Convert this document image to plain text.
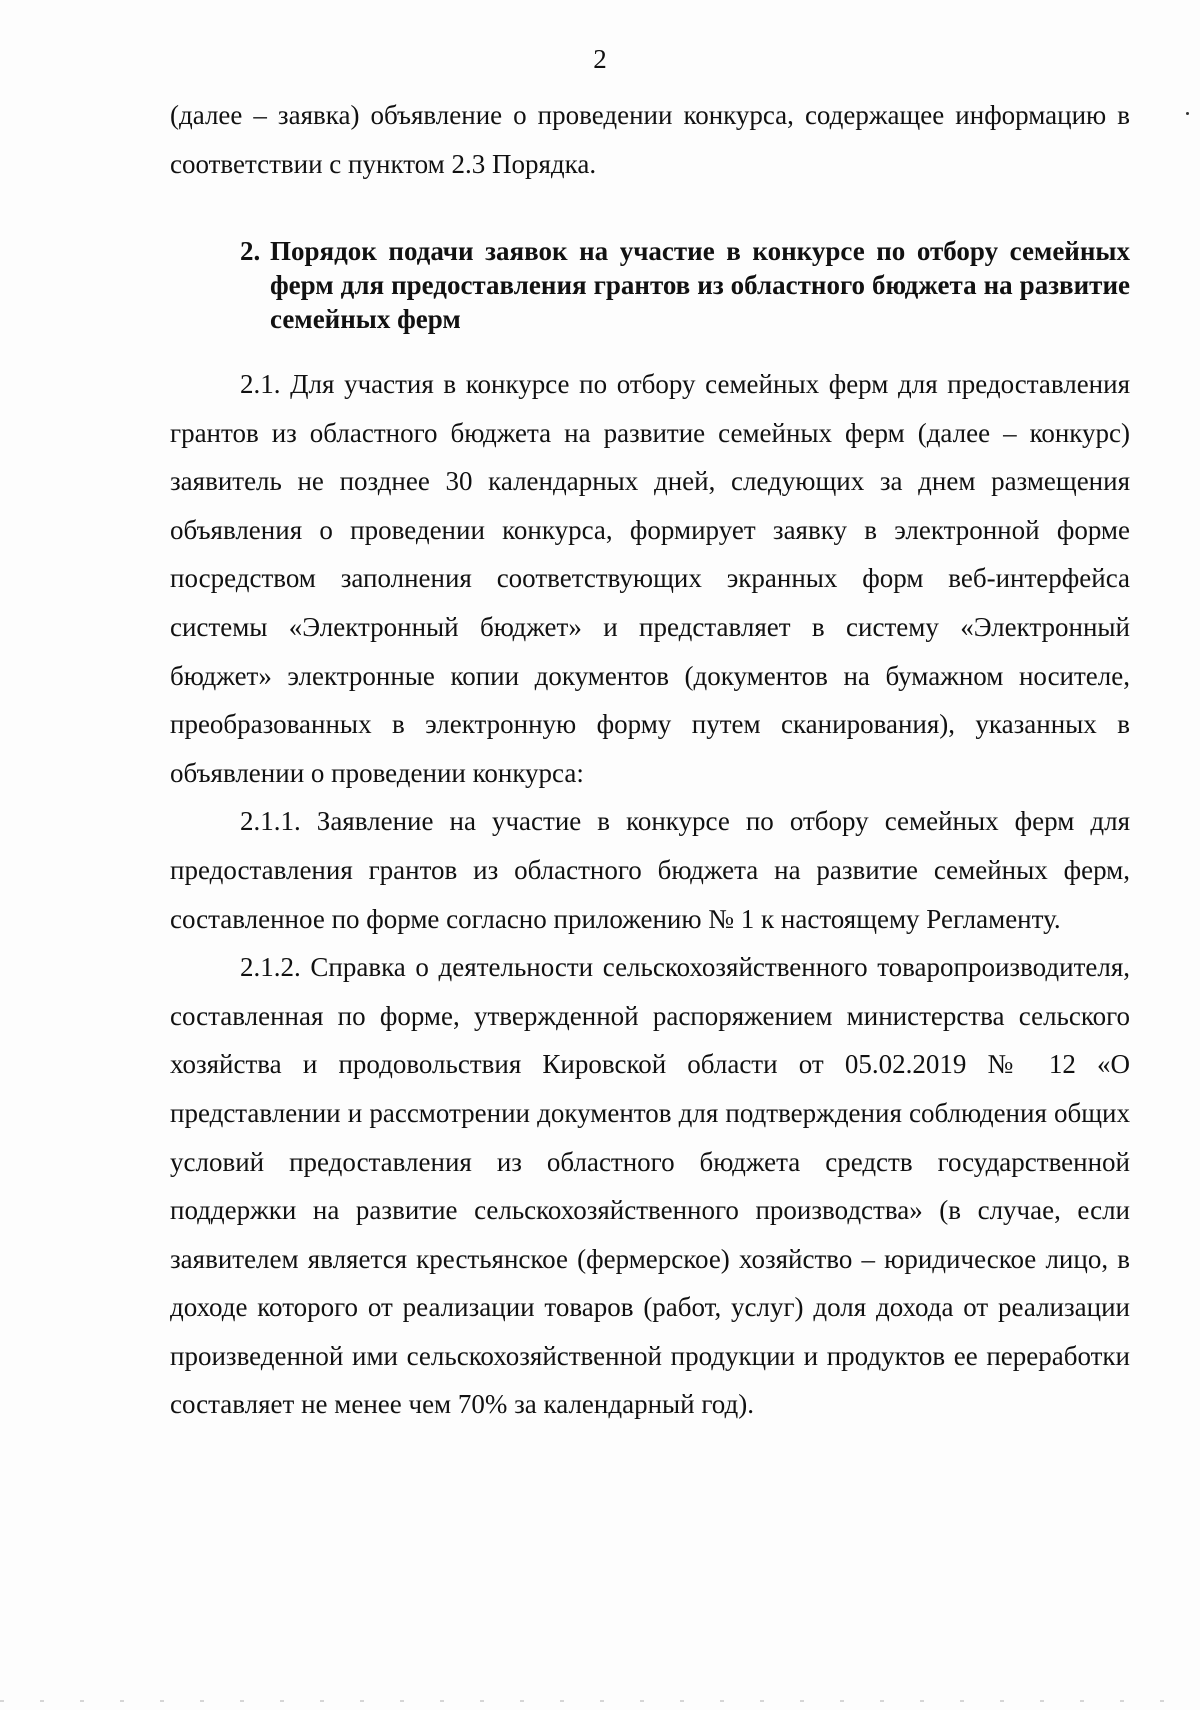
2

(далее – заявка) объявление о проведении конкурса, содержащее информацию в соответствии с пунктом 2.3 Порядка.

2. Порядок подачи заявок на участие в конкурсе по отбору семейных ферм для предоставления грантов из областного бюджета на развитие семейных ферм

2.1. Для участия в конкурсе по отбору семейных ферм для предоставления грантов из областного бюджета на развитие семейных ферм (далее – конкурс) заявитель не позднее 30 календарных дней, следующих за днем размещения объявления о проведении конкурса, формирует заявку в электронной форме посредством заполнения соответствующих экранных форм веб-интерфейса системы «Электронный бюджет» и представляет в систему «Электронный бюджет» электронные копии документов (документов на бумажном носителе, преобразованных в электронную форму путем сканирования), указанных в объявлении о проведении конкурса:

2.1.1. Заявление на участие в конкурсе по отбору семейных ферм для предоставления грантов из областного бюджета на развитие семейных ферм, составленное по форме согласно приложению № 1 к настоящему Регламенту.

2.1.2. Справка о деятельности сельскохозяйственного товаропроизводителя, составленная по форме, утвержденной распоряжением министерства сельского хозяйства и продовольствия Кировской области от 05.02.2019 № 12 «О представлении и рассмотрении документов для подтверждения соблюдения общих условий предоставления из областного бюджета средств государственной поддержки на развитие сельскохозяйственного производства» (в случае, если заявителем является крестьянское (фермерское) хозяйство – юридическое лицо, в доходе которого от реализации товаров (работ, услуг) доля дохода от реализации произведенной ими сельскохозяйственной продукции и продуктов ее переработки составляет не менее чем 70% за календарный год).
